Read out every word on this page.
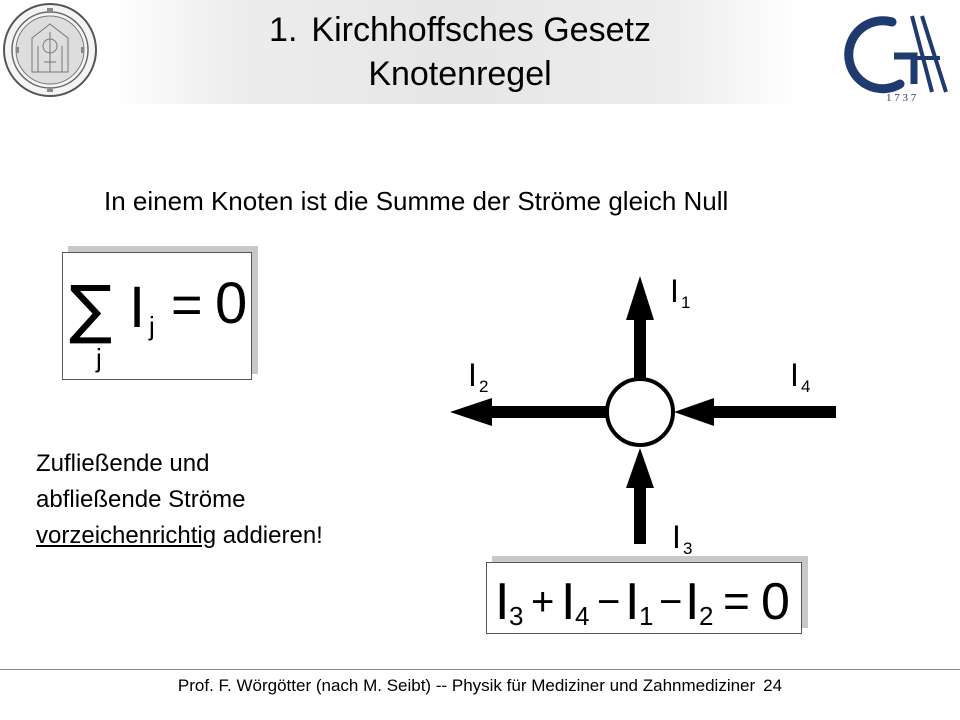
1 7 3 7
1. Kirchhoffsches Gesetz
Knotenregel
In einem Knoten ist die Summe der Ströme gleich Null
∑ I j = 0
j
I 1
I 2
I 3
I 4
Zufließende und
abfließende Ströme
vorzeichenrichtig addieren!
I 3 + I 4 − I 1 − I 2 = 0
Prof. F. Wörgötter (nach M. Seibt) -- Physik für Mediziner und Zahnmediziner 24
